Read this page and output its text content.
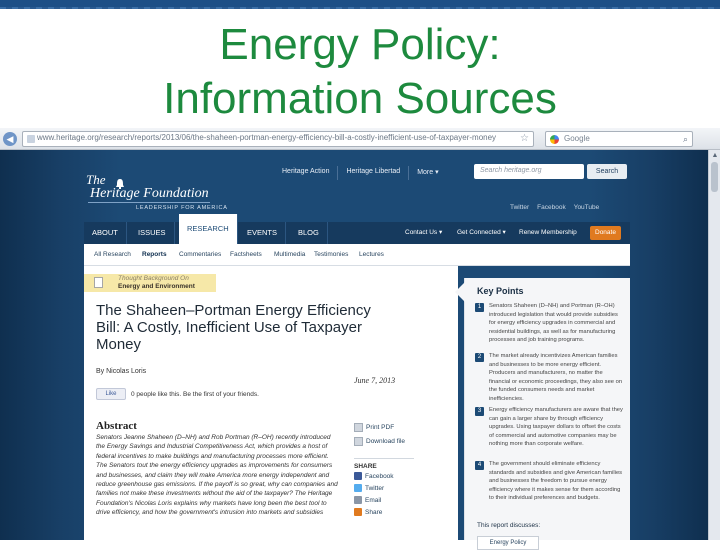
Energy Policy:
Information Sources
◀	www.heritage.org/research/reports/2013/06/the-shaheen-portman-energy-efficiency-bill-a-costly-inefficient-use-of-taxpayer-money ☆	Google	⌕
The
Heritage Foundation
LEADERSHIP FOR AMERICA
Heritage Action	Heritage Libertad	More ▾	Search heritage.org	Search
Twitter Facebook YouTube
ABOUT	ISSUES	RESEARCH	EVENTS	BLOG	Contact Us ▾	Get Connected ▾	Renew Membership	Donate
All Research Reports Commentaries Factsheets Multimedia Testimonies Lectures
Thought Background On
Energy and Environment
The Shaheen–Portman Energy Efficiency Bill: A Costly, Inefficient Use of Taxpayer Money
By Nicolas Loris
June 7, 2013
Like	0 people like this. Be the first of your friends.
Abstract
Senators Jeanne Shaheen (D–NH) and Rob Portman (R–OH) recently introduced the Energy Savings and Industrial Competitiveness Act, which provides a host of federal incentives to make buildings and manufacturing processes more efficient. The Senators tout the energy efficiency upgrades as improvements for consumers and businesses, and claim they will make America more energy independent and reduce greenhouse gas emissions. If the payoff is so great, why can companies and families not make these investments without the aid of the taxpayer? The Heritage Foundation's Nicolas Loris explains why markets have long been the best tool to drive efficiency, and how the government's intrusion into markets and subsidies
Print PDF
Download file
SHARE
Facebook
Twitter
Email
Share
Key Points
1	Senators Shaheen (D–NH) and Portman (R–OH) introduced legislation that would provide subsidies for energy efficiency upgrades in commercial and residential buildings, as well as for manufacturing processes and job training programs.
2	The market already incentivizes American families and businesses to be more energy efficient. Producers and manufacturers, no matter the financial or economic proceedings, they also see on the funded consumers needs and market inefficiencies.
3	Energy efficiency manufacturers are aware that they can gain a larger share by through efficiency upgrades. Using taxpayer dollars to offset the costs of commercial and automotive companies may be nothing more than corporate welfare.
4	The government should eliminate efficiency standards and subsidies and give American families and businesses the freedom to pursue energy efficiency where it makes sense for them according to their individual preferences and budgets.
This report discusses:
Energy Policy
▲
